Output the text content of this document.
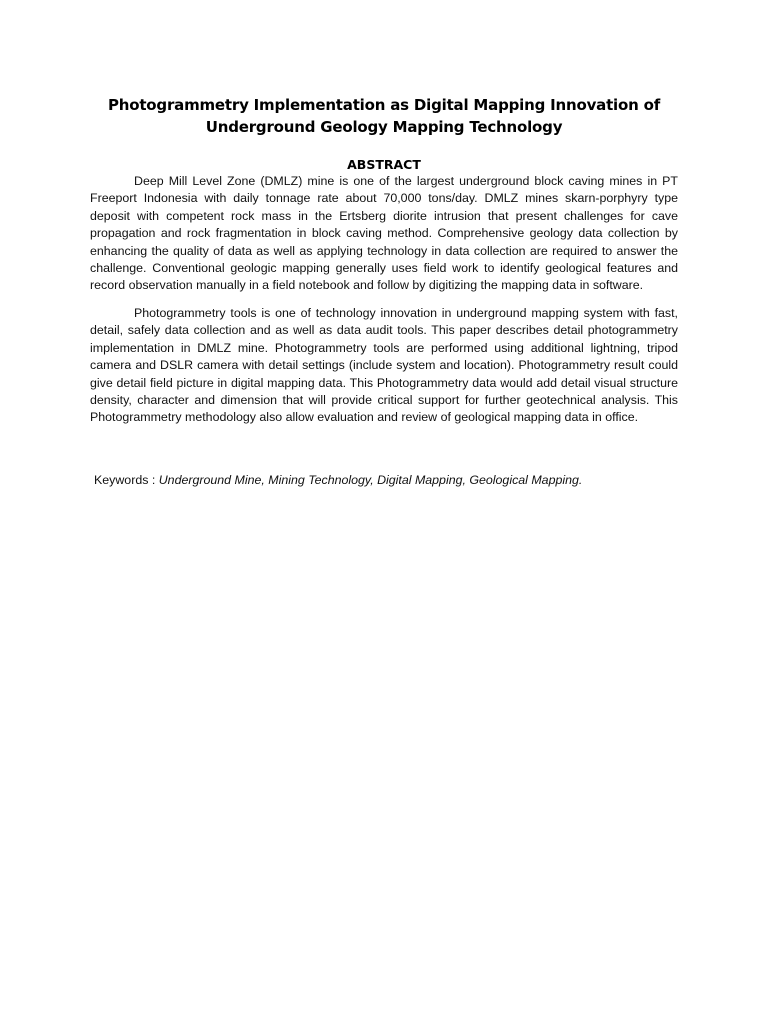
Photogrammetry Implementation as Digital Mapping Innovation of
Underground Geology Mapping Technology
ABSTRACT

Deep Mill Level Zone (DMLZ) mine is one of the largest underground block caving mines in PT Freeport Indonesia with daily tonnage rate about 70,000 tons/day. DMLZ mines skarn-porphyry type deposit with competent rock mass in the Ertsberg diorite intrusion that present challenges for cave propagation and rock fragmentation in block caving method. Comprehensive geology data collection by enhancing the quality of data as well as applying technology in data collection are required to answer the challenge. Conventional geologic mapping generally uses field work to identify geological features and record observation manually in a field notebook and follow by digitizing the mapping data in software.

Photogrammetry tools is one of technology innovation in underground mapping system with fast, detail, safely data collection and as well as data audit tools. This paper describes detail photogrammetry implementation in DMLZ mine. Photogrammetry tools are performed using additional lightning, tripod camera and DSLR camera with detail settings (include system and location). Photogrammetry result could give detail field picture in digital mapping data. This Photogrammetry data would add detail visual structure density, character and dimension that will provide critical support for further geotechnical analysis. This Photogrammetry methodology also allow evaluation and review of geological mapping data in office.

Keywords : Underground Mine, Mining Technology, Digital Mapping, Geological Mapping.
